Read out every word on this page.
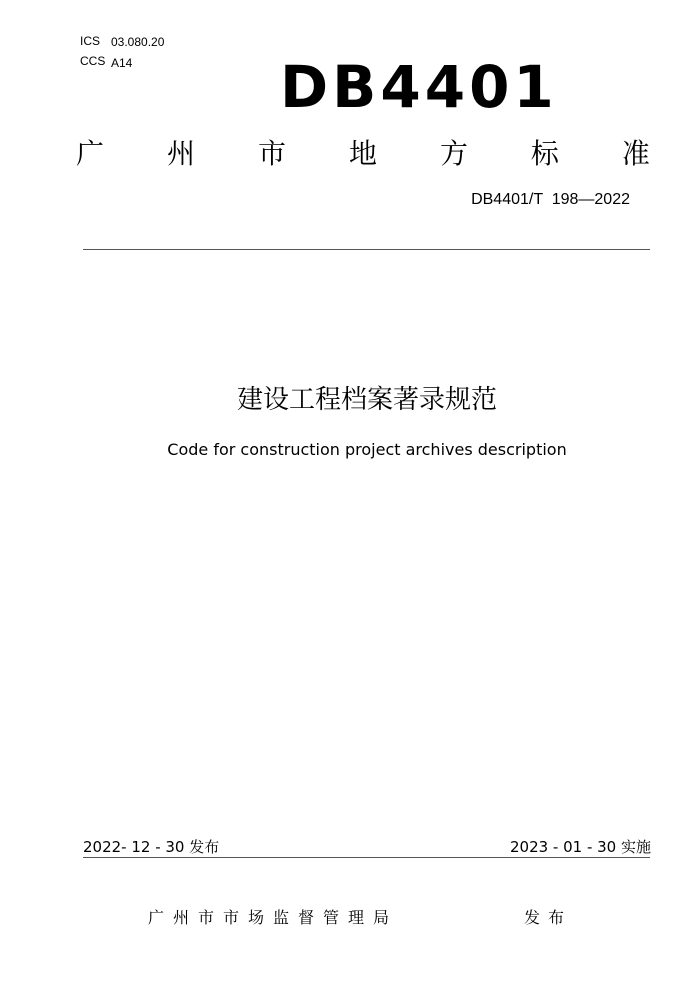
ICS 03.080.20
CCS A14	DB4401
广 州 市 地 方 标 准
DB4401/T  198—2022
建设工程档案著录规范
Code for construction project archives description
2022- 12 - 30 发布	2023 - 01 - 30 实施
广州市市场监督管理局	发布
